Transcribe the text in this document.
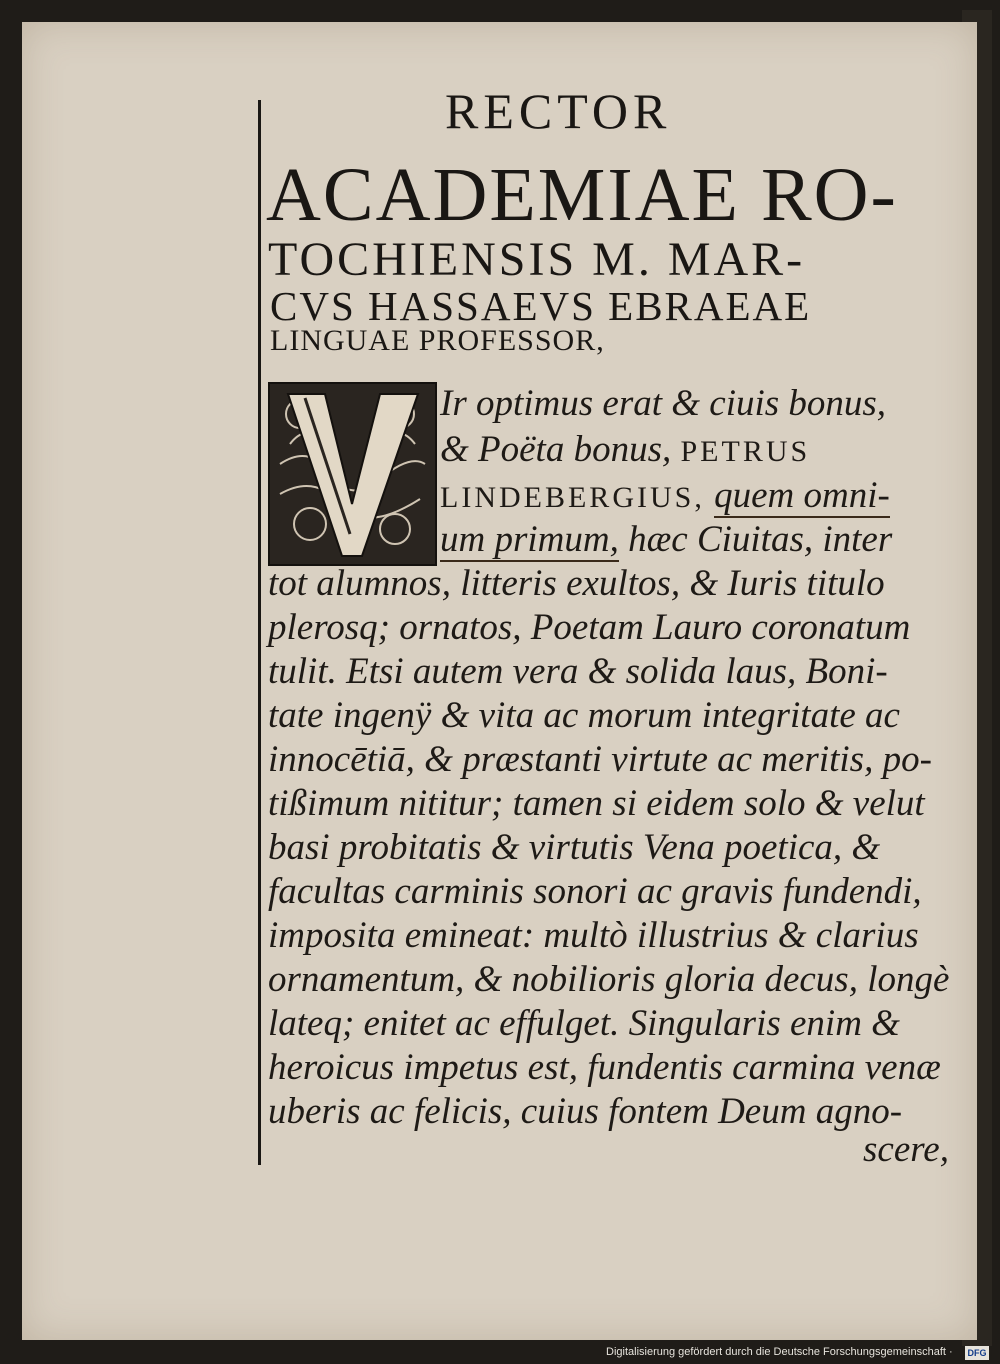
RECTOR
ACADEMIAE RO-
TOCHIENSIS M. MAR-
CVS HASSAEVS EBRAEAE
LINGUAE PROFESSOR,
Ir optimus erat & ciuis bonus,
& Poëta bonus, PETRUS
LINDEBERGIUS, quem omni-
um primum, hæc Ciuitas, inter
tot alumnos, litteris exultos, & Iuris titulo
plerosq; ornatos, Poetam Lauro coronatum
tulit. Etsi autem vera & solida laus, Boni-
tate ingenÿ & vita ac morum integritate ac
innocētiā, & præstanti virtute ac meritis, po-
tißimum nititur; tamen si eidem solo & velut
basi probitatis & virtutis Vena poetica, &
facultas carminis sonori ac gravis fundendi,
imposita emineat: multò illustrius & clarius
ornamentum, & nobilioris gloria decus, longè
lateq; enitet ac effulget. Singularis enim &
heroicus impetus est, fundentis carmina venæ
uberis ac felicis, cuius fontem Deum agno-
scere,
Digitalisierung gefördert durch die Deutsche Forschungsgemeinschaft · DFG
